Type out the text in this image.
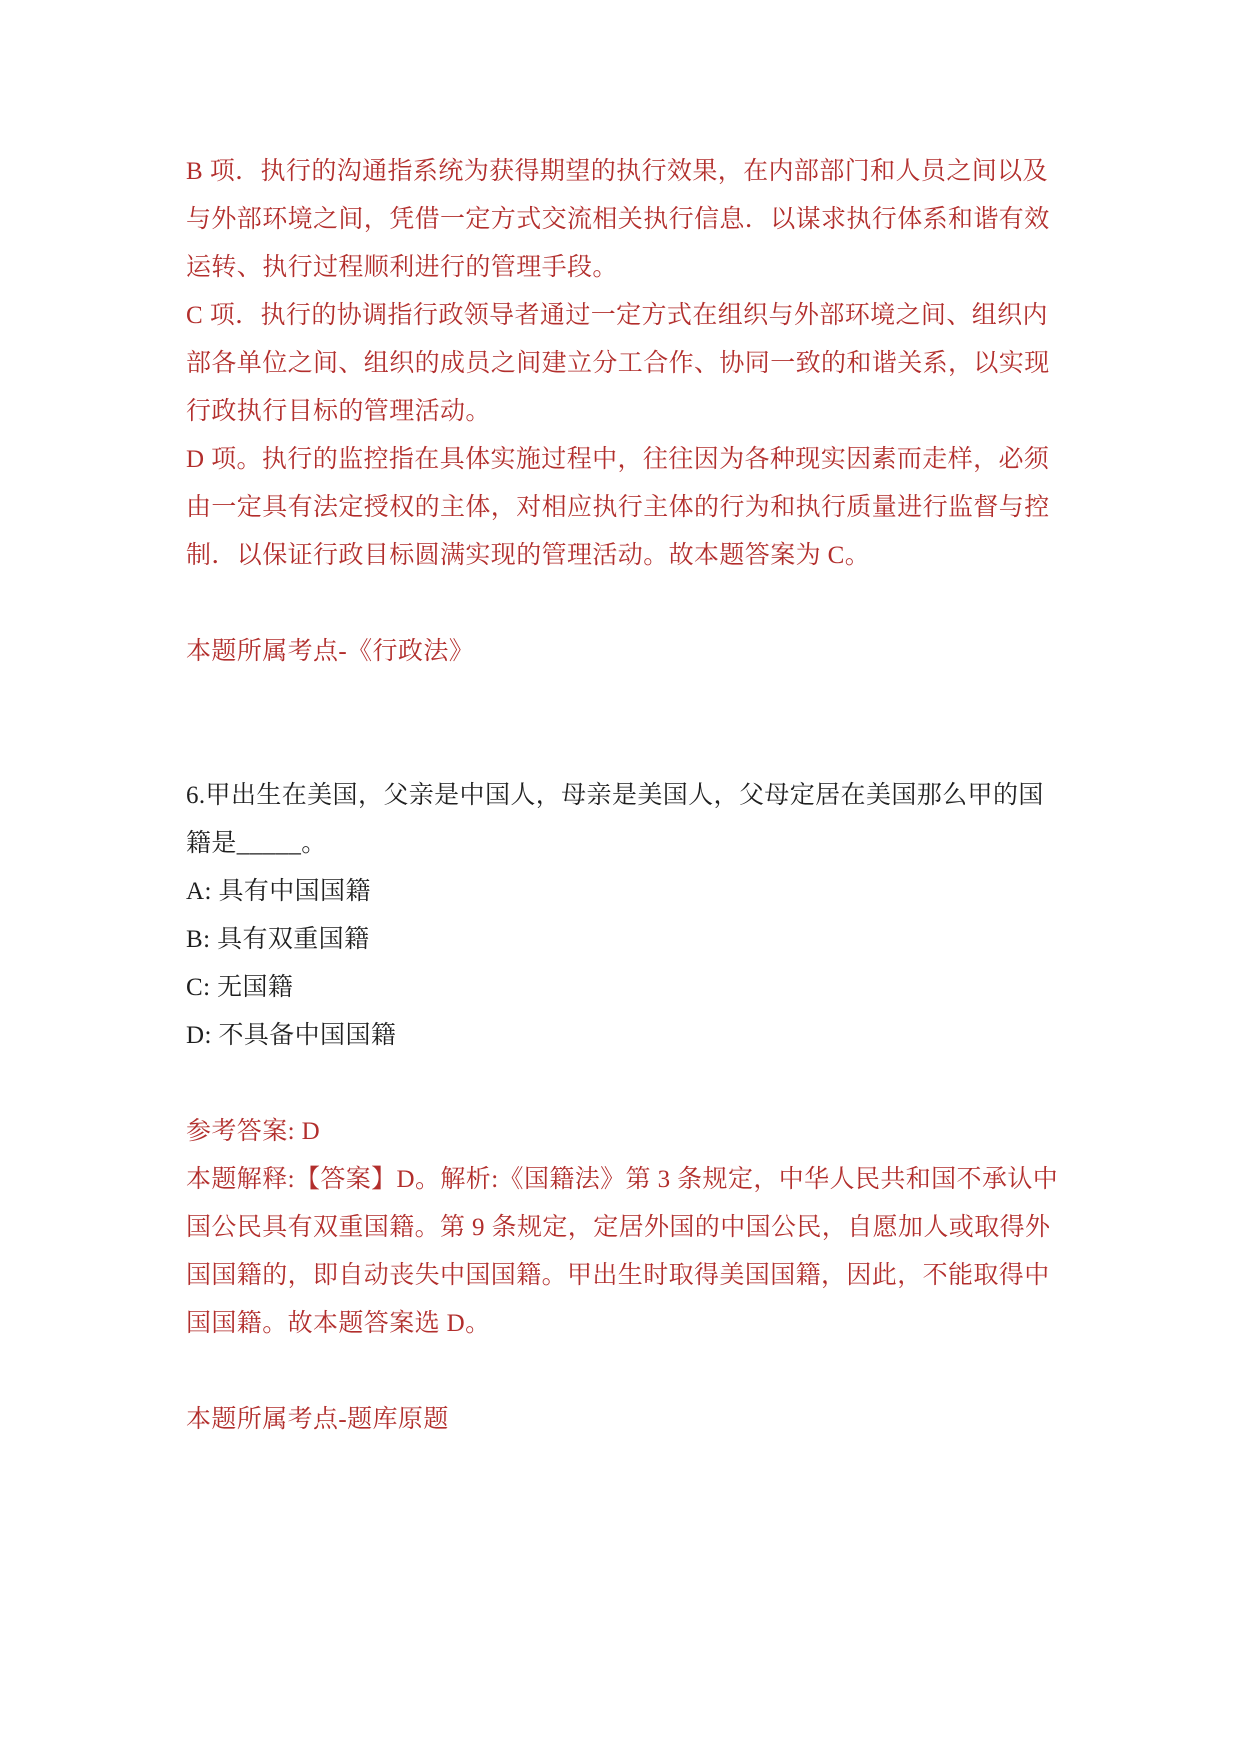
B 项．执行的沟通指系统为获得期望的执行效果，在内部部门和人员之间以及
与外部环境之间，凭借一定方式交流相关执行信息．以谋求执行体系和谐有效
运转、执行过程顺利进行的管理手段。
C 项．执行的协调指行政领导者通过一定方式在组织与外部环境之间、组织内
部各单位之间、组织的成员之间建立分工合作、协同一致的和谐关系，以实现
行政执行目标的管理活动。
D 项。执行的监控指在具体实施过程中，往往因为各种现实因素而走样，必须
由一定具有法定授权的主体，对相应执行主体的行为和执行质量进行监督与控
制．以保证行政目标圆满实现的管理活动。故本题答案为 C。
本题所属考点-《行政法》
6.甲出生在美国，父亲是中国人，母亲是美国人，父母定居在美国那么甲的国
籍是_____。
A: 具有中国国籍
B: 具有双重国籍
C: 无国籍
D: 不具备中国国籍
参考答案: D
本题解释:【答案】D。解析:《国籍法》第 3 条规定，中华人民共和国不承认中
国公民具有双重国籍。第 9 条规定，定居外国的中国公民，自愿加人或取得外
国国籍的，即自动丧失中国国籍。甲出生时取得美国国籍，因此，不能取得中
国国籍。故本题答案选 D。
本题所属考点-题库原题
